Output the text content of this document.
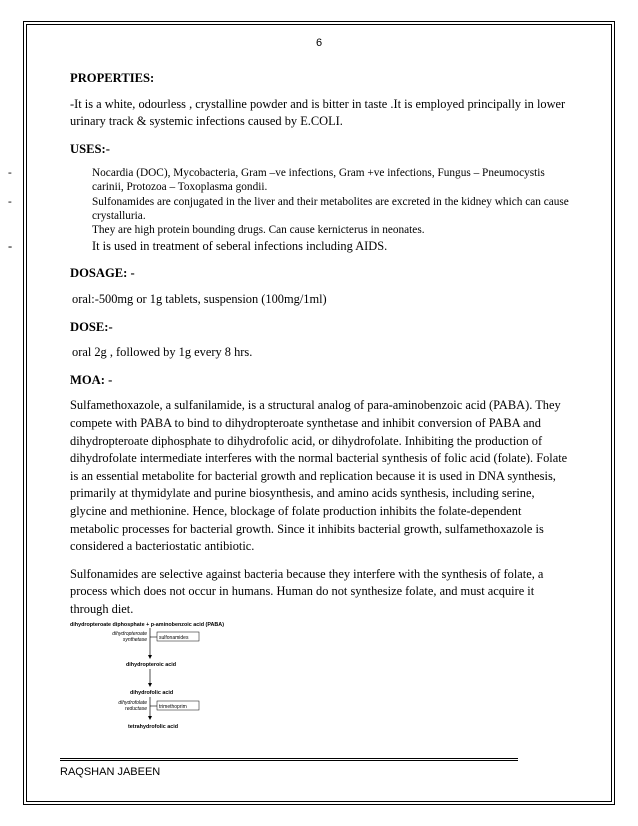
6
PROPERTIES:

-It is a white, odourless , crystalline powder and is bitter in taste .It is employed principally in lower urinary track & systemic infections caused by E.COLI.

USES:-
-	Nocardia (DOC), Mycobacteria, Gram –ve infections, Gram +ve infections, Fungus – Pneumocystis
carinii, Protozoa – Toxoplasma gondii.
-	Sulfonamides are conjugated in the liver and their metabolites are excreted in the kidney which can cause
crystalluria.
They are high protein bounding drugs. Can cause kernicterus in neonates.
-	It is used in treatment of seberal infections including AIDS.
DOSAGE: -

oral:-500mg or 1g tablets, suspension (100mg/1ml)

DOSE:-

oral 2g , followed by 1g every 8 hrs.

MOA: -

Sulfamethoxazole, a sulfanilamide, is a structural analog of para-aminobenzoic acid (PABA). They compete with PABA to bind to dihydropteroate synthetase and inhibit conversion of PABA and dihydropteroate diphosphate to dihydrofolic acid, or dihydrofolate. Inhibiting the production of dihydrofolate intermediate interferes with the normal bacterial synthesis of folic acid (folate). Folate is an essential metabolite for bacterial growth and replication because it is used in DNA synthesis, primarily at thymidylate and purine biosynthesis, and amino acids synthesis, including serine, glycine and methionine. Hence, blockage of folate production inhibits the folate-dependent metabolic processes for bacterial growth. Since it inhibits bacterial growth, sulfamethoxazole is considered a bacteriostatic antibiotic.

Sulfonamides are selective against bacteria because they interfere with the synthesis of folate, a process which does not occur in humans. Human do not synthesize folate, and must acquire it through diet.

dihydropteroate diphosphate + p-aminobenzoic acid (PABA)
dihydropteroate
synthetase sulfonamides
dihydropteroic acid
dihydrofolic acid
dihydrofolate
reductase trimethoprim
tetrahydrofolic acid
RAQSHAN JABEEN
